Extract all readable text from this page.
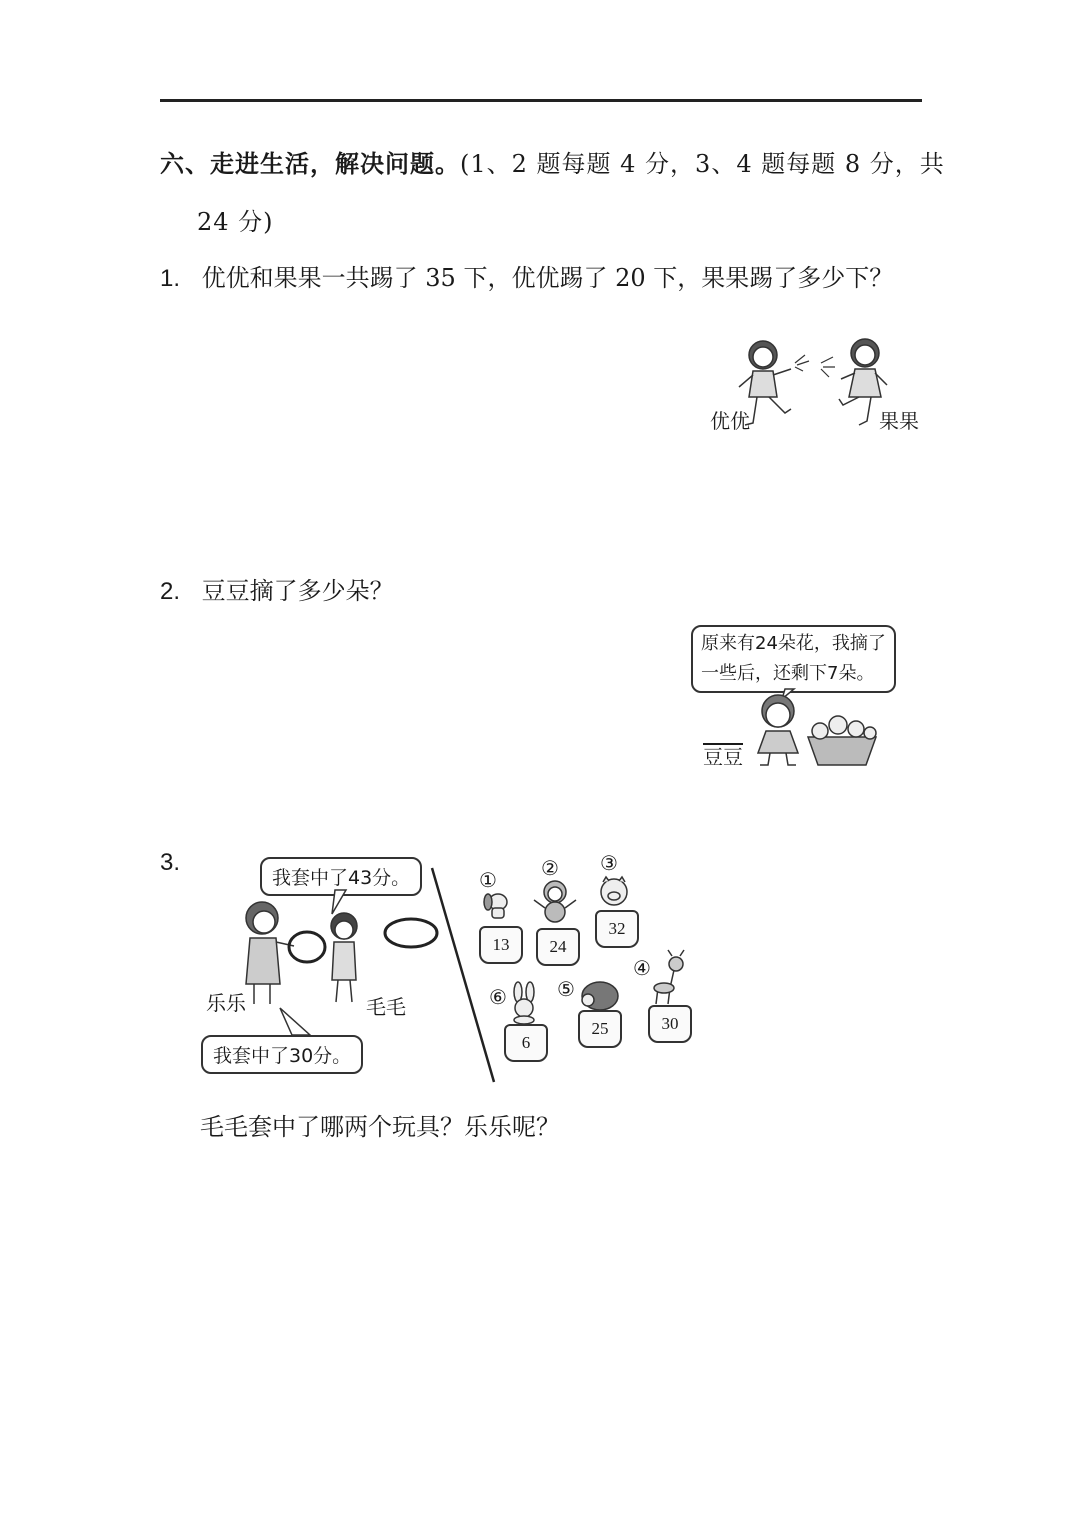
六、走进生活，解决问题。(1、2 题每题 4 分，3、4 题每题 8 分，共
24 分)
1. 优优和果果一共踢了 35 下，优优踢了 20 下，果果踢了多少下？
优优	果果
2. 豆豆摘了多少朵？
原来有24朵花，我摘了
一些后，还剩下7朵。
豆豆
3.
我套中了43分。
我套中了30分。
乐乐	毛毛
①
13
②
24
③
32
④
30
⑤
25
⑥
6
毛毛套中了哪两个玩具？乐乐呢？
